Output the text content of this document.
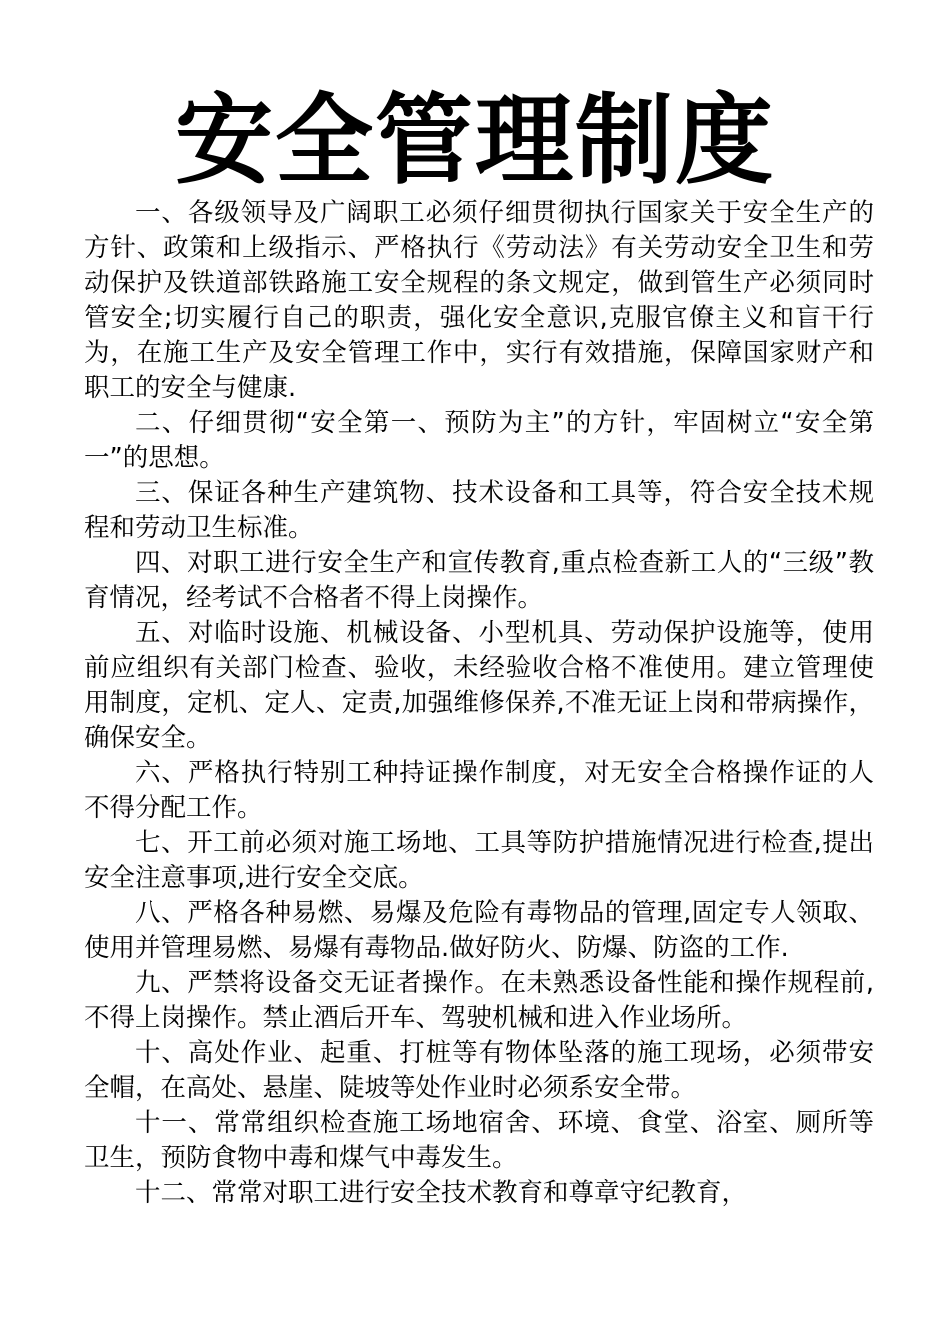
安全管理制度

一、各级领导及广阔职工必须仔细贯彻执行国家关于安全生产的方针、政策和上级指示、严格执行《劳动法》有关劳动安全卫生和劳动保护及铁道部铁路施工安全规程的条文规定，做到管生产必须同时管安全;切实履行自己的职责，强化安全意识,克服官僚主义和盲干行为，在施工生产及安全管理工作中，实行有效措施，保障国家财产和职工的安全与健康.

二、仔细贯彻“安全第一、预防为主”的方针，牢固树立“安全第一”的思想。

三、保证各种生产建筑物、技术设备和工具等，符合安全技术规程和劳动卫生标准。

四、对职工进行安全生产和宣传教育,重点检查新工人的“三级”教育情况，经考试不合格者不得上岗操作。

五、对临时设施、机械设备、小型机具、劳动保护设施等，使用前应组织有关部门检查、验收，未经验收合格不准使用。建立管理使用制度，定机、定人、定责,加强维修保养,不准无证上岗和带病操作，确保安全。

六、严格执行特别工种持证操作制度，对无安全合格操作证的人不得分配工作。

七、开工前必须对施工场地、工具等防护措施情况进行检查,提出安全注意事项,进行安全交底。

八、严格各种易燃、易爆及危险有毒物品的管理,固定专人领取、使用并管理易燃、易爆有毒物品.做好防火、防爆、防盗的工作.

九、严禁将设备交无证者操作。在未熟悉设备性能和操作规程前,不得上岗操作。禁止酒后开车、驾驶机械和进入作业场所。

十、高处作业、起重、打桩等有物体坠落的施工现场，必须带安全帽，在高处、悬崖、陡坡等处作业时必须系安全带。

十一、常常组织检查施工场地宿舍、环境、食堂、浴室、厕所等卫生，预防食物中毒和煤气中毒发生。

十二、常常对职工进行安全技术教育和尊章守纪教育，
